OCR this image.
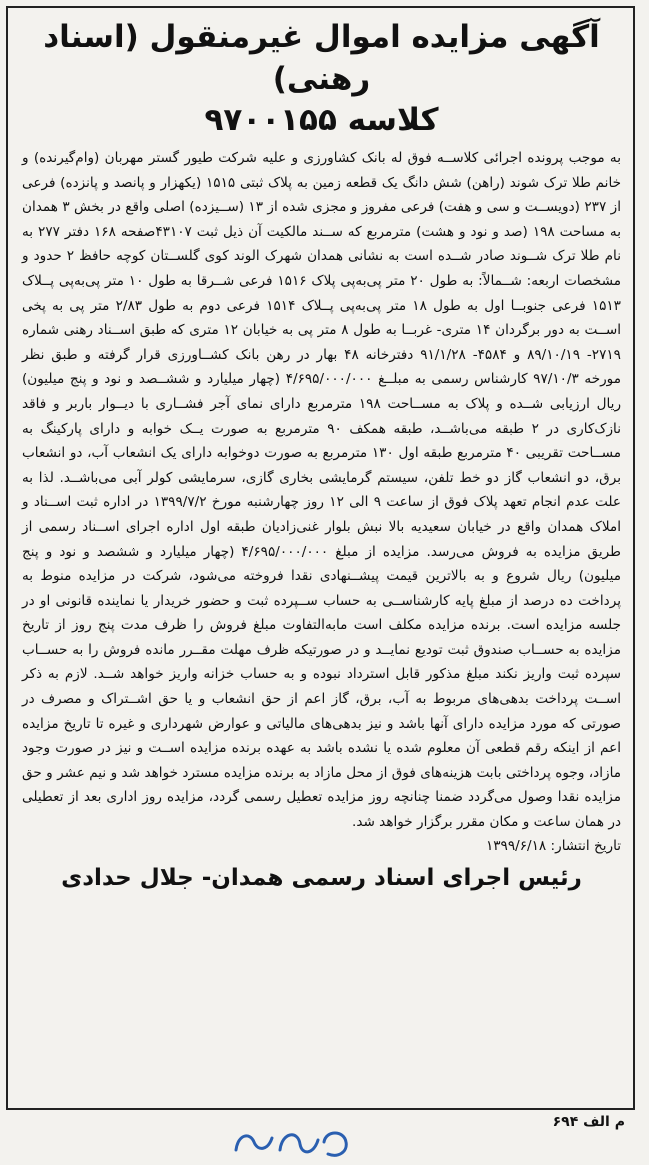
آگهی مزایده اموال غیرمنقول (اسناد رهنی)
کلاسه ۹۷۰۰۱۵۵

به موجب پرونده اجرائی کلاســه فوق له بانک کشاورزی و علیه شرکت طیور گستر مهربان (وام‌گیرنده) و خانم طلا ترک شوند (راهن) شش دانگ یک قطعه زمین به پلاک ثبتی ۱۵۱۵ (یکهزار و پانصد و پانزده) فرعی از ۲۳۷ (دویســت و سی و هفت) فرعی مفروز و مجزی شده از ۱۳ (ســیزده) اصلی واقع در بخش ۳ همدان به مساحت ۱۹۸ (صد و نود و هشت) مترمربع که ســند مالکیت آن ذیل ثبت ۴۳۱۰۷صفحه ۱۶۸ دفتر ۲۷۷ به نام طلا ترک شــوند صادر شــده است به نشانی همدان شهرک الوند کوی گلســتان کوچه حافظ ۲ حدود و مشخصات اربعه: شــمالاً: به طول ۲۰ متر پی‌به‌پی پلاک ۱۵۱۶ فرعی شــرقا به طول ۱۰ متر پی‌به‌پی پــلاک ۱۵۱۳ فرعی جنوبــا اول به طول ۱۸ متر پی‌به‌پی پــلاک ۱۵۱۴ فرعی دوم به طول ۲/۸۳ متر پی به پخی اســت به دور برگردان ۱۴ متری- غربــا به طول ۸ متر پی به خیابان ۱۲ متری که طبق اســناد رهنی شماره ۲۷۱۹- ۸۹/۱۰/۱۹ و ۴۵۸۴- ۹۱/۱/۲۸ دفترخانه ۴۸ بهار در رهن بانک کشــاورزی قرار گرفته و طبق نظر مورخه ۹۷/۱۰/۳ کارشناس رسمی به مبلــغ ۴/۶۹۵/۰۰۰/۰۰۰ (چهار میلیارد و ششــصد و نود و پنج میلیون) ریال ارزیابی شــده و پلاک به مســاحت ۱۹۸ مترمربع دارای نمای آجر فشــاری با دیــوار باربر و فاقد نازک‌کاری در ۲ طبقه می‌باشــد، طبقه همکف ۹۰ مترمربع به صورت یــک خوابه و دارای پارکینگ به مســاحت تقریبی ۴۰ مترمربع طبقه اول ۱۳۰ مترمربع به صورت دوخوابه دارای یک انشعاب آب، دو انشعاب برق، دو انشعاب گاز دو خط تلفن، سیستم گرمایشی بخاری گازی، سرمایشی کولر آبی می‌باشــد. لذا به علت عدم انجام تعهد پلاک فوق از ساعت ۹ الی ۱۲ روز چهارشنبه مورخ ۱۳۹۹/۷/۲ در اداره ثبت اســناد و املاک همدان واقع در خیابان سعیدیه بالا نبش بلوار غنی‌زادیان طبقه اول اداره اجرای اســناد رسمی از طریق مزایده به فروش می‌رسد. مزایده از مبلغ ۴/۶۹۵/۰۰۰/۰۰۰ (چهار میلیارد و ششصد و نود و پنج میلیون) ریال شروع و به بالاترین قیمت پیشــنهادی نقدا فروخته می‌شود، شرکت در مزایده منوط به پرداخت ده درصد از مبلغ پایه کارشناســی به حساب ســپرده ثبت و حضور خریدار یا نماینده قانونی او در جلسه مزایده است. برنده مزایده مکلف است مابه‌التفاوت مبلغ فروش را ظرف مدت پنج روز از تاریخ مزایده به حســاب صندوق ثبت توديع نمايــد و در صورتیکه ظرف مهلت مقــرر مانده فروش را به حســاب سپرده ثبت واریز نکند مبلغ مذکور قابل استرداد نبوده و به حساب خزانه واریز خواهد شــد. لازم به ذکر اســت پرداخت بدهی‌های مربوط به آب، برق، گاز اعم از حق انشعاب و یا حق اشــتراک و مصرف در صورتی که مورد مزایده دارای آنها باشد و نیز بدهی‌های مالیاتی و عوارض شهرداری و غیره تا تاریخ مزایده اعم از اینکه رقم قطعی آن معلوم شده یا نشده باشد به عهده برنده مزایده اســت و نیز در صورت وجود مازاد، وجوه پرداختی بابت هزینه‌های فوق از محل مازاد به برنده مزایده مسترد خواهد شد و نیم عشر و حق مزایده نقدا وصول می‌گردد ضمنا چنانچه روز مزایده تعطیل رسمی گردد، مزایده روز اداری بعد از تعطیلی در همان ساعت و مکان مقرر برگزار خواهد شد.

تاریخ انتشار: ۱۳۹۹/۶/۱۸

رئیس اجرای اسناد رسمی همدان- جلال حدادی

م الف ۶۹۴
